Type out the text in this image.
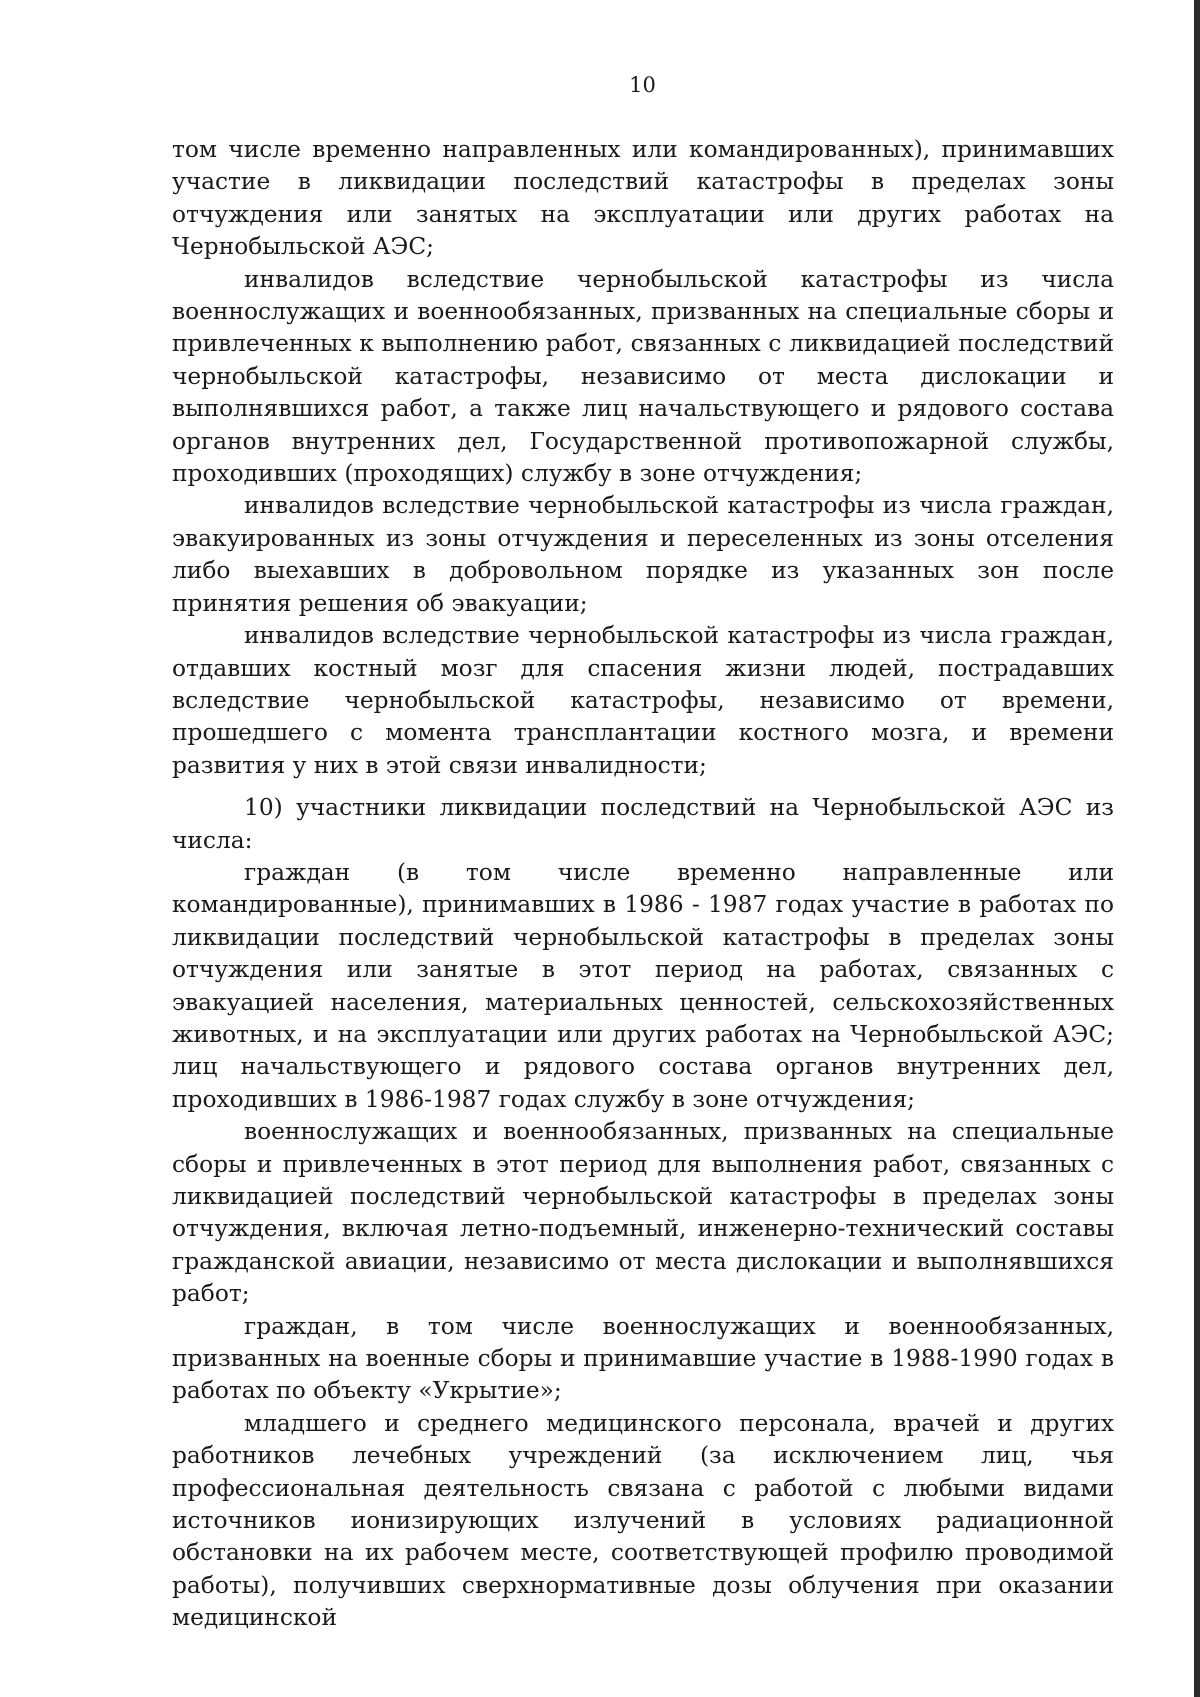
10

том числе временно направленных или командированных), принимавших участие в ликвидации последствий катастрофы в пределах зоны отчуждения или занятых на эксплуатации или других работах на Чернобыльской АЭС;

инвалидов вследствие чернобыльской катастрофы из числа военнослужащих и военнообязанных, призванных на специальные сборы и привлеченных к выполнению работ, связанных с ликвидацией последствий чернобыльской катастрофы, независимо от места дислокации и выполнявшихся работ, а также лиц начальствующего и рядового состава органов внутренних дел, Государственной противопожарной службы, проходивших (проходящих) службу в зоне отчуждения;

инвалидов вследствие чернобыльской катастрофы из числа граждан, эвакуированных из зоны отчуждения и переселенных из зоны отселения либо выехавших в добровольном порядке из указанных зон после принятия решения об эвакуации;

инвалидов вследствие чернобыльской катастрофы из числа граждан, отдавших костный мозг для спасения жизни людей, пострадавших вследствие чернобыльской катастрофы, независимо от времени, прошедшего с момента трансплантации костного мозга, и времени развития у них в этой связи инвалидности;

10) участники ликвидации последствий на Чернобыльской АЭС из числа:

граждан (в том числе временно направленные или командированные), принимавших в 1986 - 1987 годах участие в работах по ликвидации последствий чернобыльской катастрофы в пределах зоны отчуждения или занятые в этот период на работах, связанных с эвакуацией населения, материальных ценностей, сельскохозяйственных животных, и на эксплуатации или других работах на Чернобыльской АЭС; лиц начальствующего и рядового состава органов внутренних дел, проходивших в 1986-1987 годах службу в зоне отчуждения;

военнослужащих и военнообязанных, призванных на специальные сборы и привлеченных в этот период для выполнения работ, связанных с ликвидацией последствий чернобыльской катастрофы в пределах зоны отчуждения, включая летно-подъемный, инженерно-технический составы гражданской авиации, независимо от места дислокации и выполнявшихся работ;

граждан, в том числе военнослужащих и военнообязанных, призванных на военные сборы и принимавшие участие в 1988-1990 годах в работах по объекту «Укрытие»;

младшего и среднего медицинского персонала, врачей и других работников лечебных учреждений (за исключением лиц, чья профессиональная деятельность связана с работой с любыми видами источников ионизирующих излучений в условиях радиационной обстановки на их рабочем месте, соответствующей профилю проводимой работы), получивших сверхнормативные дозы облучения при оказании медицинской
